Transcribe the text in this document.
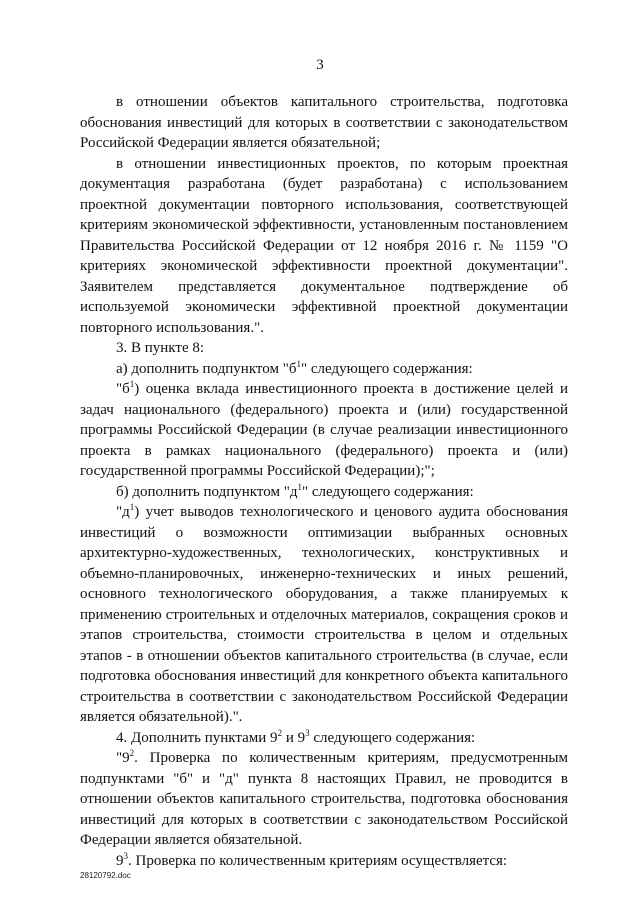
3

в отношении объектов капитального строительства, подготовка обоснования инвестиций для которых в соответствии с законодательством Российской Федерации является обязательной;

в отношении инвестиционных проектов, по которым проектная документация разработана (будет разработана) с использованием проектной документации повторного использования, соответствующей критериям экономической эффективности, установленным постановлением Правительства Российской Федерации от 12 ноября 2016 г. № 1159 "О критериях экономической эффективности проектной документации". Заявителем представляется документальное подтверждение об используемой экономически эффективной проектной документации повторного использования.".

3. В пункте 8:

а) дополнить подпунктом "$б^1$" следующего содержания:

"$б^1$) оценка вклада инвестиционного проекта в достижение целей и задач национального (федерального) проекта и (или) государственной программы Российской Федерации (в случае реализации инвестиционного проекта в рамках национального (федерального) проекта и (или) государственной программы Российской Федерации);";

б) дополнить подпунктом "$д^1$" следующего содержания:

"$д^1$) учет выводов технологического и ценового аудита обоснования инвестиций о возможности оптимизации выбранных основных архитектурно-художественных, технологических, конструктивных и объемно-планировочных, инженерно-технических и иных решений, основного технологического оборудования, а также планируемых к применению строительных и отделочных материалов, сокращения сроков и этапов строительства, стоимости строительства в целом и отдельных этапов - в отношении объектов капитального строительства (в случае, если подготовка обоснования инвестиций для конкретного объекта капитального строительства в соответствии с законодательством Российской Федерации является обязательной).".

4. Дополнить пунктами $9^2$ и $9^3$ следующего содержания:

"$9^2$. Проверка по количественным критериям, предусмотренным подпунктами "б" и "д" пункта 8 настоящих Правил, не проводится в отношении объектов капитального строительства, подготовка обоснования инвестиций для которых в соответствии с законодательством Российской Федерации является обязательной.

$9^3$. Проверка по количественным критериям осуществляется:

28120792.doc
